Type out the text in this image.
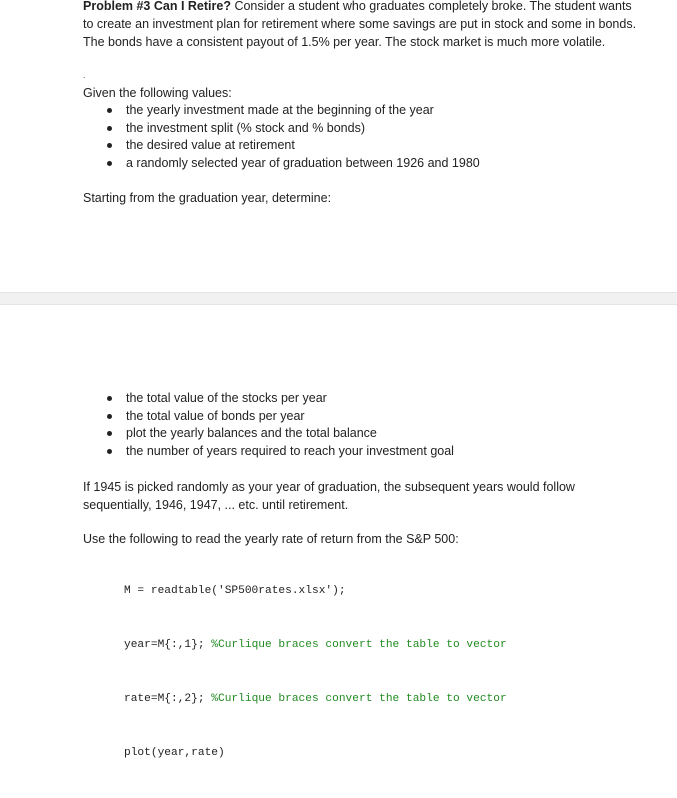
Problem #3 Can I Retire? Consider a student who graduates completely broke. The student wants to create an investment plan for retirement where some savings are put in stock and some in bonds. The bonds have a consistent payout of 1.5% per year. The stock market is much more volatile.

.

Given the following values:

the yearly investment made at the beginning of the year
the investment split (% stock and % bonds)
the desired value at retirement
a randomly selected year of graduation between 1926 and 1980

Starting from the graduation year, determine:

the total value of the stocks per year
the total value of bonds per year
plot the yearly balances and the total balance
the number of years required to reach your investment goal

If 1945 is picked randomly as your year of graduation, the subsequent years would follow sequentially, 1946, 1947, ... etc. until retirement.

Use the following to read the yearly rate of return from the S&P 500:

M = readtable('SP500rates.xlsx');

year=M{:,1}; %Curlique braces convert the table to vector

rate=M{:,2}; %Curlique braces convert the table to vector

plot(year,rate)
